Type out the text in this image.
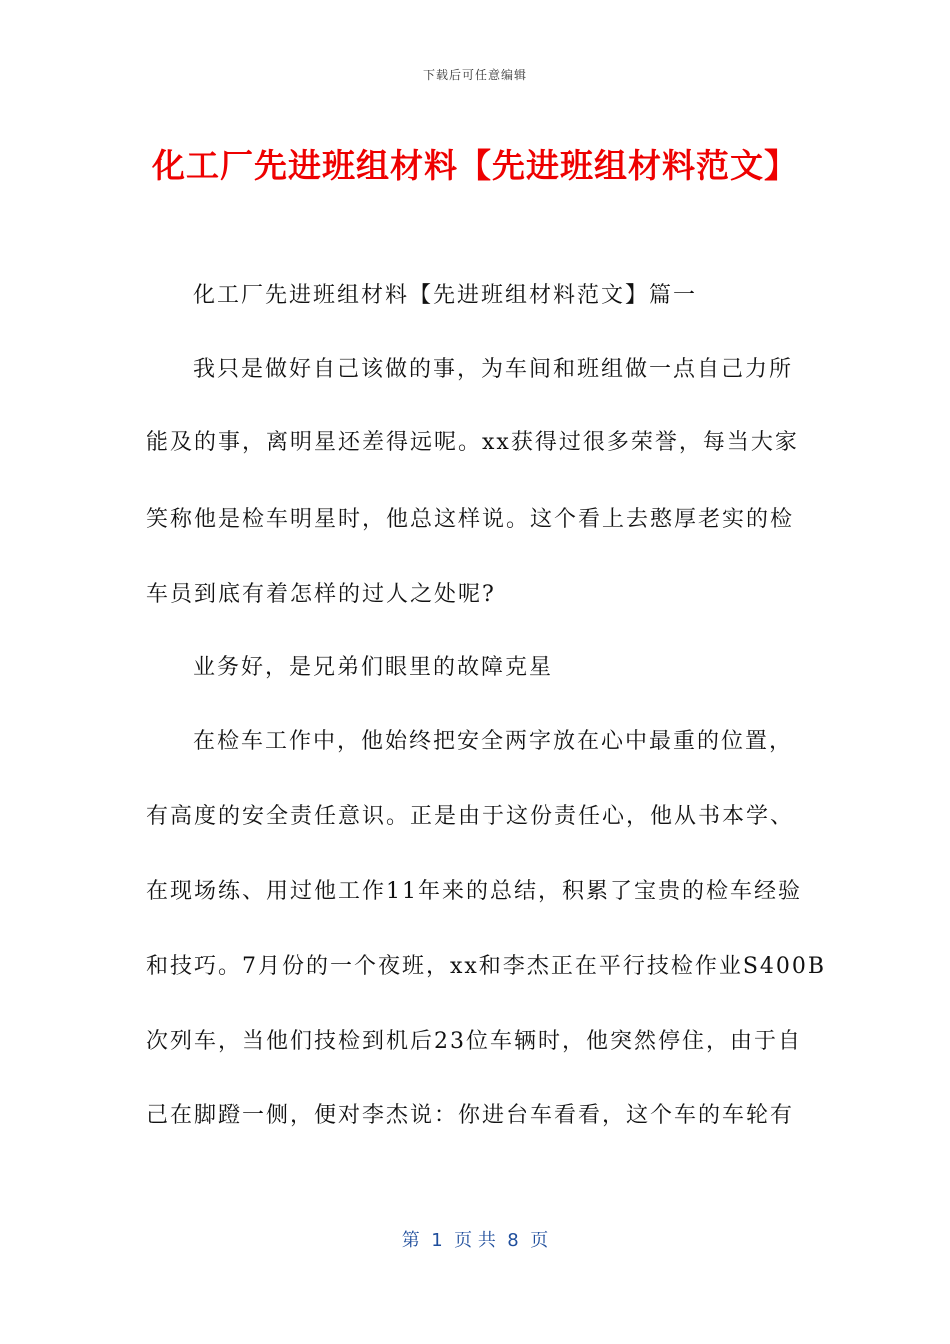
下载后可任意编辑
化工厂先进班组材料【先进班组材料范文】
化工厂先进班组材料【先进班组材料范文】篇一
我只是做好自己该做的事，为车间和班组做一点自己力所
能及的事，离明星还差得远呢。xx获得过很多荣誉，每当大家
笑称他是检车明星时，他总这样说。这个看上去憨厚老实的检
车员到底有着怎样的过人之处呢?
业务好，是兄弟们眼里的故障克星
在检车工作中，他始终把安全两字放在心中最重的位置，
有高度的安全责任意识。正是由于这份责任心，他从书本学、
在现场练、用过他工作11年来的总结，积累了宝贵的检车经验
和技巧。7月份的一个夜班，xx和李杰正在平行技检作业S400B
次列车，当他们技检到机后23位车辆时，他突然停住，由于自
己在脚蹬一侧，便对李杰说：你进台车看看，这个车的车轮有
第  1  页 共  8  页
